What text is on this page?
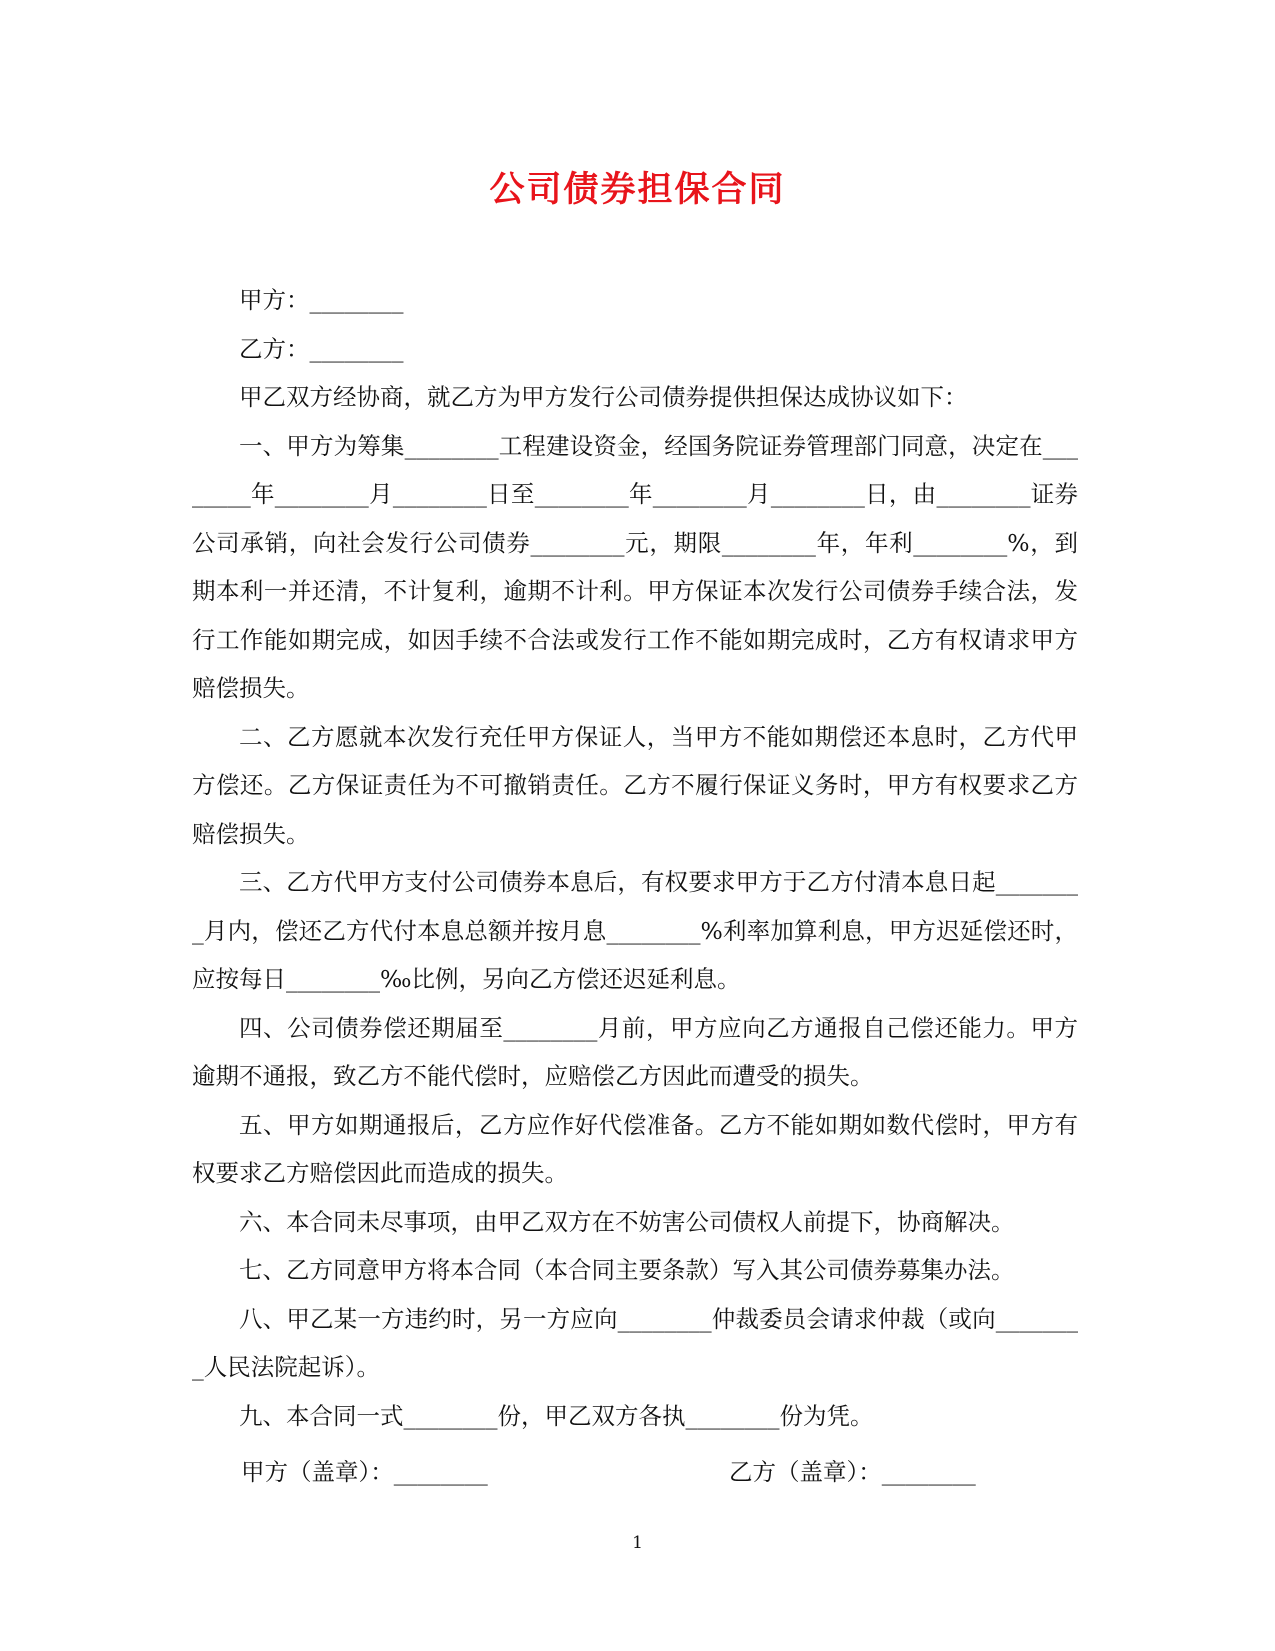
公司债券担保合同

甲方：________

乙方：________

甲乙双方经协商，就乙方为甲方发行公司债券提供担保达成协议如下：

一、甲方为筹集________工程建设资金，经国务院证券管理部门同意，决定在________年________月________日至________年________月________日，由________证券公司承销，向社会发行公司债券________元，期限________年，年利________%，到期本利一并还清，不计复利，逾期不计利。甲方保证本次发行公司债券手续合法，发行工作能如期完成，如因手续不合法或发行工作不能如期完成时，乙方有权请求甲方赔偿损失。

二、乙方愿就本次发行充任甲方保证人，当甲方不能如期偿还本息时，乙方代甲方偿还。乙方保证责任为不可撤销责任。乙方不履行保证义务时，甲方有权要求乙方赔偿损失。

三、乙方代甲方支付公司债券本息后，有权要求甲方于乙方付清本息日起________月内，偿还乙方代付本息总额并按月息________%利率加算利息，甲方迟延偿还时，应按每日________‰比例，另向乙方偿还迟延利息。

四、公司债券偿还期届至________月前，甲方应向乙方通报自己偿还能力。甲方逾期不通报，致乙方不能代偿时，应赔偿乙方因此而遭受的损失。

五、甲方如期通报后，乙方应作好代偿准备。乙方不能如期如数代偿时，甲方有权要求乙方赔偿因此而造成的损失。

六、本合同未尽事项，由甲乙双方在不妨害公司债权人前提下，协商解决。

七、乙方同意甲方将本合同（本合同主要条款）写入其公司债券募集办法。

八、甲乙某一方违约时，另一方应向________仲裁委员会请求仲裁（或向________人民法院起诉）。

九、本合同一式________份，甲乙双方各执________份为凭。

甲方（盖章）：________	乙方（盖章）：________
1
